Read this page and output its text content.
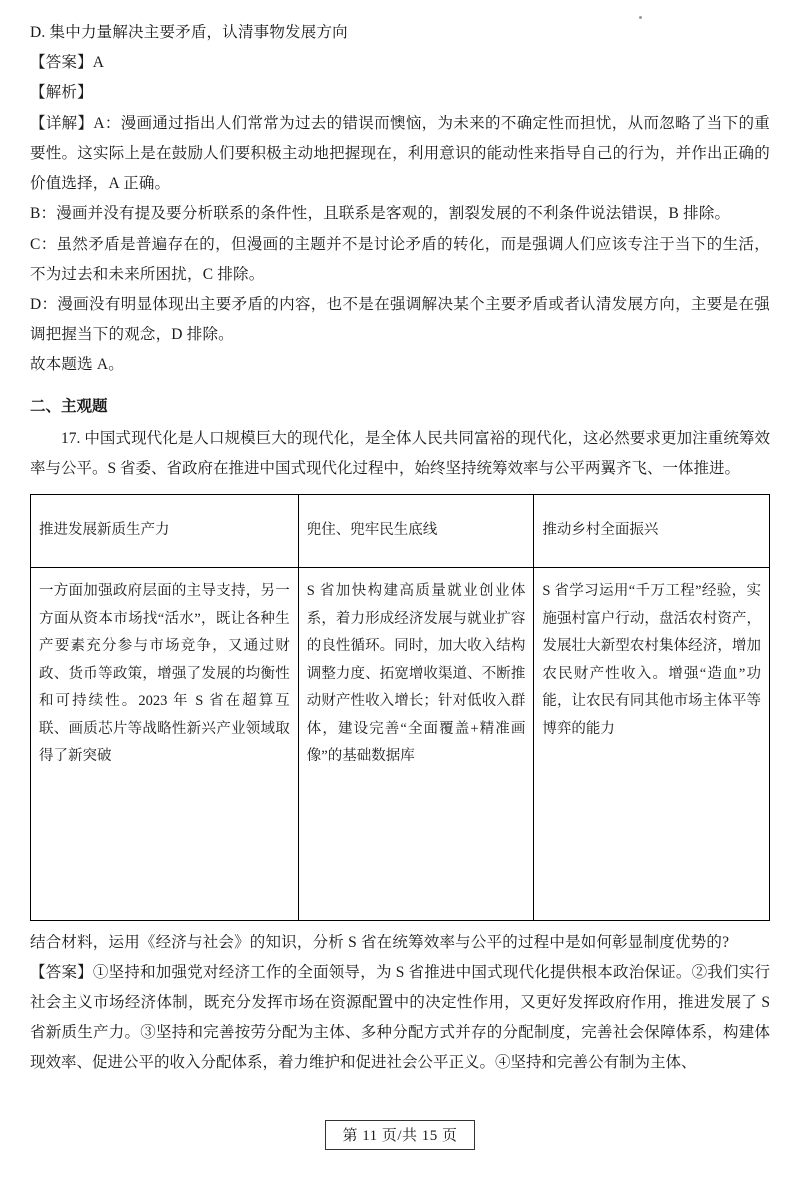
D. 集中力量解决主要矛盾，认清事物发展方向
【答案】A
【解析】
【详解】A：漫画通过指出人们常常为过去的错误而懊恼，为未来的不确定性而担忧，从而忽略了当下的重要性。这实际上是在鼓励人们要积极主动地把握现在，利用意识的能动性来指导自己的行为，并作出正确的价值选择，A 正确。
B：漫画并没有提及要分析联系的条件性，且联系是客观的，割裂发展的不利条件说法错误，B 排除。
C：虽然矛盾是普遍存在的，但漫画的主题并不是讨论矛盾的转化，而是强调人们应该专注于当下的生活，不为过去和未来所困扰，C 排除。
D：漫画没有明显体现出主要矛盾的内容，也不是在强调解决某个主要矛盾或者认清发展方向，主要是在强调把握当下的观念，D 排除。
故本题选 A。
二、主观题
17. 中国式现代化是人口规模巨大的现代化，是全体人民共同富裕的现代化，这必然要求更加注重统筹效率与公平。S 省委、省政府在推进中国式现代化过程中，始终坚持统筹效率与公平两翼齐飞、一体推进。
推进发展新质生产力	兜住、兜牢民生底线	推动乡村全面振兴
一方面加强政府层面的主导支持，另一方面从资本市场找“活水”，既让各种生产要素充分参与市场竞争，又通过财政、货币等政策，增强了发展的均衡性和可持续性。2023 年 S 省在超算互联、画质芯片等战略性新兴产业领域取得了新突破	S 省加快构建高质量就业创业体系，着力形成经济发展与就业扩容的良性循环。同时，加大收入结构调整力度、拓宽增收渠道、不断推动财产性收入增长；针对低收入群体，建设完善“全面覆盖+精准画像”的基础数据库	S 省学习运用“千万工程”经验，实施强村富户行动，盘活农村资产，发展壮大新型农村集体经济，增加农民财产性收入。增强“造血”功能，让农民有同其他市场主体平等博弈的能力
结合材料，运用《经济与社会》的知识，分析 S 省在统筹效率与公平的过程中是如何彰显制度优势的?
【答案】①坚持和加强党对经济工作的全面领导，为 S 省推进中国式现代化提供根本政治保证。②我们实行社会主义市场经济体制，既充分发挥市场在资源配置中的决定性作用，又更好发挥政府作用，推进发展了 S 省新质生产力。③坚持和完善按劳分配为主体、多种分配方式并存的分配制度，完善社会保障体系，构建体现效率、促进公平的收入分配体系，着力维护和促进社会公平正义。④坚持和完善公有制为主体、
第 11 页/共 15 页
